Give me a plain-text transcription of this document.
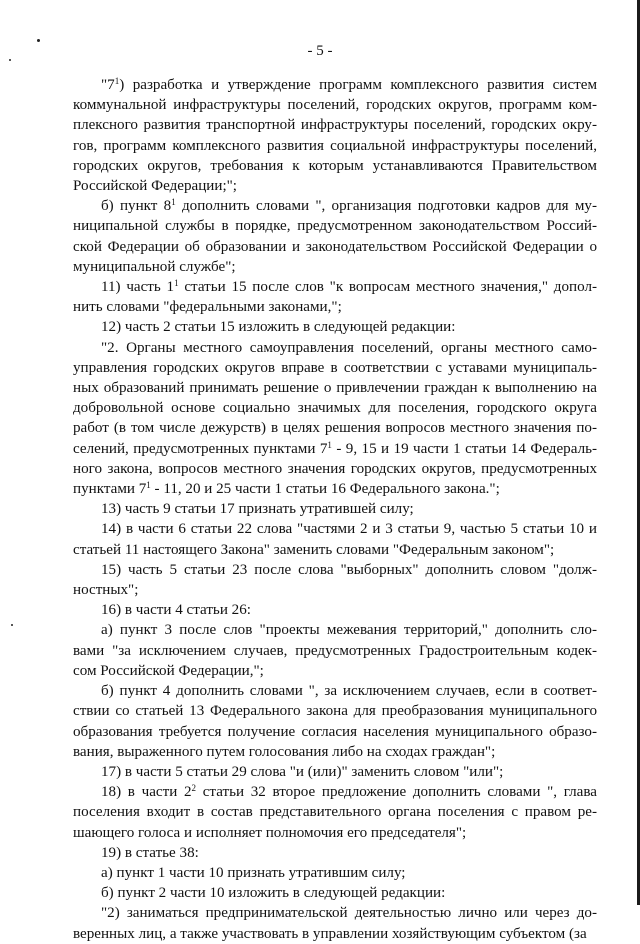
- 5 -
"$7^1$) разработка и утверждение программ комплексного развития систем
коммунальной инфраструктуры поселений, городских округов, программ ком-
плексного развития транспортной инфраструктуры поселений, городских окру-
гов, программ комплексного развития социальной инфраструктуры поселений,
городских округов, требования к которым устанавливаются Правительством
Российской Федерации;";
б) пункт $8^1$ дополнить словами ", организация подготовки кадров для му-
ниципальной службы в порядке, предусмотренном законодательством Россий-
ской Федерации об образовании и законодательством Российской Федерации о
муниципальной службе";
11) часть $1^1$ статьи 15 после слов "к вопросам местного значения," допол-
нить словами "федеральными законами,";
12) часть 2 статьи 15 изложить в следующей редакции:
"2. Органы местного самоуправления поселений, органы местного само-
управления городских округов вправе в соответствии с уставами муниципаль-
ных образований принимать решение о привлечении граждан к выполнению на
добровольной основе социально значимых для поселения, городского округа
работ (в том числе дежурств) в целях решения вопросов местного значения по-
селений, предусмотренных пунктами $7^1 - 9$, 15 и 19 части 1 статьи 14 Федераль-
ного закона, вопросов местного значения городских округов, предусмотренных
пунктами $7^1 - 11$, 20 и 25 части 1 статьи 16 Федерального закона.";
13) часть 9 статьи 17 признать утратившей силу;
14) в части 6 статьи 22 слова "частями 2 и 3 статьи 9, частью 5 статьи 10 и
статьей 11 настоящего Закона" заменить словами "Федеральным законом";
15) часть 5 статьи 23 после слова "выборных" дополнить словом "долж-
ностных";
16) в части 4 статьи 26:
а) пункт 3 после слов "проекты межевания территорий," дополнить сло-
вами "за исключением случаев, предусмотренных Градостроительным кодек-
сом Российской Федерации,";
б) пункт 4 дополнить словами ", за исключением случаев, если в соответ-
ствии со статьей 13 Федерального закона для преобразования муниципального
образования требуется получение согласия населения муниципального образо-
вания, выраженного путем голосования либо на сходах граждан";
17) в части 5 статьи 29 слова "и (или)" заменить словом "или";
18) в части $2^2$ статьи 32 второе предложение дополнить словами ", глава
поселения входит в состав представительного органа поселения с правом ре-
шающего голоса и исполняет полномочия его председателя";
19) в статье 38:
а) пункт 1 части 10 признать утратившим силу;
б) пункт 2 части 10 изложить в следующей редакции:
"2) заниматься предпринимательской деятельностью лично или через до-
веренных лиц, а также участвовать в управлении хозяйствующим субъектом (за
